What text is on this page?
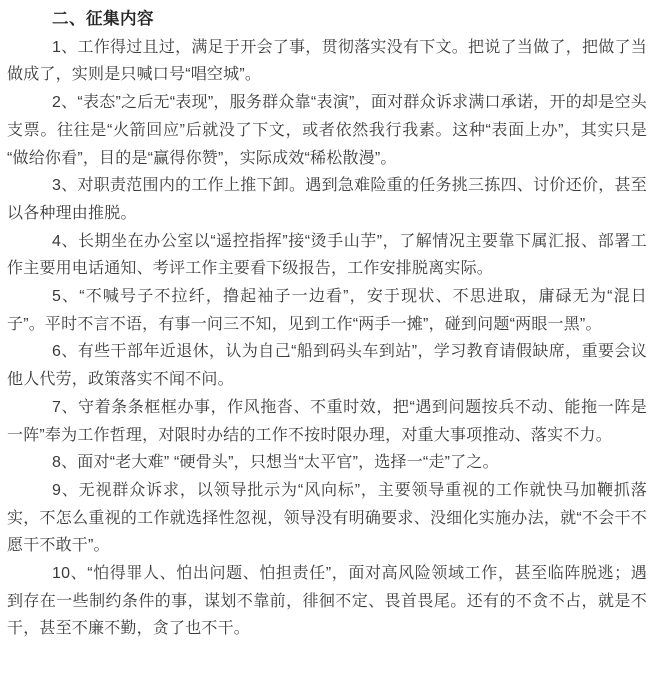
二、征集内容

1、工作得过且过，满足于开会了事，贯彻落实没有下文。把说了当做了，把做了当做成了，实则是只喊口号“唱空城”。

2、“表态”之后无“表现”，服务群众靠“表演”，面对群众诉求满口承诺，开的却是空头支票。往往是“火箭回应”后就没了下文，或者依然我行我素。这种“表面上办”，其实只是“做给你看”，目的是“赢得你赞”，实际成效“稀松散漫”。

3、对职责范围内的工作上推下卸。遇到急难险重的任务挑三拣四、讨价还价，甚至以各种理由推脱。

4、长期坐在办公室以“遥控指挥”接“烫手山芋”，了解情况主要靠下属汇报、部署工作主要用电话通知、考评工作主要看下级报告，工作安排脱离实际。

5、“不喊号子不拉纤，撸起袖子一边看”，安于现状、不思进取，庸碌无为“混日子”。平时不言不语，有事一问三不知，见到工作“两手一摊”，碰到问题“两眼一黑”。

6、有些干部年近退休，认为自己“船到码头车到站”，学习教育请假缺席，重要会议他人代劳，政策落实不闻不问。

7、守着条条框框办事，作风拖沓、不重时效，把“遇到问题按兵不动、能拖一阵是一阵”奉为工作哲理，对限时办结的工作不按时限办理，对重大事项推动、落实不力。

8、面对“老大难” “硬骨头”，只想当“太平官”，选择一“走”了之。

9、无视群众诉求，以领导批示为“风向标”，主要领导重视的工作就快马加鞭抓落实，不怎么重视的工作就选择性忽视，领导没有明确要求、没细化实施办法，就“不会干不愿干不敢干”。

10、“怕得罪人、怕出问题、怕担责任”，面对高风险领域工作，甚至临阵脱逃；遇到存在一些制约条件的事，谋划不靠前，徘徊不定、畏首畏尾。还有的不贪不占，就是不干，甚至不廉不勤，贪了也不干。
